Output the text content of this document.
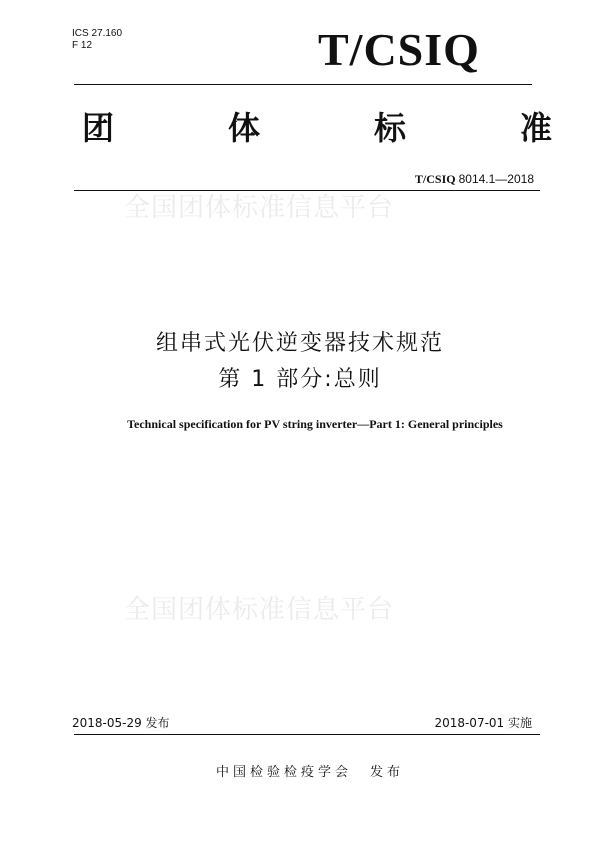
ICS 27.160
F 12	T/CSIQ
团	体	标	准
T/CSIQ 8014.1—2018
全国团体标准信息平台
组串式光伏逆变器技术规范
第 1 部分:总则
Technical specification for PV string inverter—Part 1: General principles
全国团体标准信息平台
2018-05-29 发布	2018-07-01 实施
中国检验检疫学会 发布
